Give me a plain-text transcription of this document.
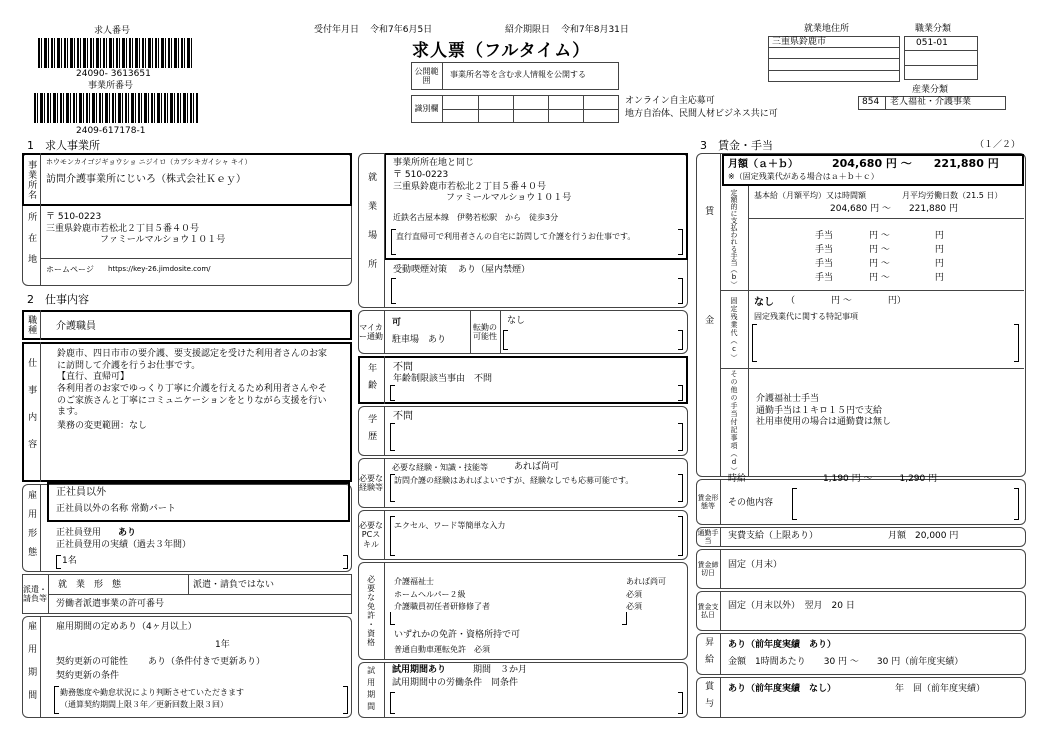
求人番号
24090- 3613651
事業所番号
2409-617178-1
受付年月日 令和7年6月5日	紹介期限日 令和7年8月31日
求人票（フルタイム）
公開範囲
事業所名等を含む求人情報を公開する
識別欄
オンライン自主応募可
地方自治体、民間人材ビジネス共に可
就業地住所
三重県鈴鹿市
職業分類
051-01
産業分類
854 老人福祉・介護事業
1　求人事業所
事業所名	ホウモンカイゴジギョウショ ニジイロ（カブシキガイシャ キイ）
訪問介護事業所にじいろ（株式会社Ｋｅｙ）
所在地	〒 510-0223
三重県鈴鹿市若松北２丁目５番４０号
ファミールマルショウ１０１号
ホームページ https://key-26.jimdosite.com/
2　仕事内容
職種	介護職員
仕事内容
鈴鹿市、四日市市の要介護、要支援認定を受けた利用者さんのお家
に訪問して介護を行うお仕事です。
【直行、直帰可】
各利用者のお家でゆっくり丁寧に介護を行えるため利用者さんやそ
のご家族さんと丁寧にコミュニケーションをとりながら支援を行い
ます。
業務の変更範囲：なし
雇用形態	正社員以外
正社員以外の名称 常勤パート
正社員登用 あり
正社員登用の実績（過去３年間）
1名
派遣・請負等
就　業　形　態	派遣・請負ではない
労働者派遣事業の許可番号
雇用期間	雇用期間の定めあり（4ヶ月以上）
1年
契約更新の可能性 あり（条件付きで更新あり）
契約更新の条件
勤務態度や勤怠状況により判断させていただきます
（通算契約期間上限３年／更新回数上限３回）
就業場所
事業所所在地と同じ
〒 510-0223
三重県鈴鹿市若松北２丁目５番４０号
ファミールマルショウ１０１号
近鉄名古屋本線　伊勢若松駅　から　徒歩3分
直行直帰可で利用者さんの自宅に訪問して介護を行うお仕事です。
受動喫煙対策 あり（屋内禁煙）
マイカー通勤
可
駐車場　あり
転勤の可能性
なし
年齢	不問
年齢制限該当事由　不問
学歴	不問
必要な経験等
必要な経験・知識・技能等	あれば尚可
訪問介護の経験はあればよいですが、経験なしでも応募可能です。
必要なPCスキル
エクセル、ワード等簡単な入力
必要な免許・資格	介護福祉士	あれば尚可
ホームヘルパー２級	必須
介護職員初任者研修修了者	必須
いずれかの免許・資格所持で可
普通自動車運転免許　必須
試用期間	試用期間あり	期間　３か月
試用期間中の労働条件　同条件
3　賃金・手当	（１／２）
賃金
月額（ａ＋ｂ）	204,680 円 〜　　221,880 円
※（固定残業代がある場合はａ＋ｂ＋ｃ）
定額的に支払われる手当（b）	基本給（月額平均）又は時間額	月平均労働日数（21.5 日）
204,680 円 〜　　221,880 円
手当　　　　円 〜　　　　　円
手当　　　　円 〜　　　　　円
手当　　　　円 〜　　　　　円
手当　　　　円 〜　　　　　円
固定残業代（c）	なし （　　　　円 〜　　　　円）
固定残業代に関する特記事項
その他の手当付記事項（d）	介護福祉士手当
通勤手当は１キロ１５円で支給
社用車使用の場合は通勤費は無し
賃金形態等
時給	1,190 円 〜　　　1,290 円
その他内容
通勤手当	実費支給（上限あり）	月額　20,000 円
賃金締切日
固定（月末）
賃金支払日
固定（月末以外）　翌月　20 日
昇給	あり（前年度実績　あり）
金額　1時間あたり　　30 円 〜　　30 円（前年度実績）
賞与	あり（前年度実績　なし）	年　回（前年度実績）
